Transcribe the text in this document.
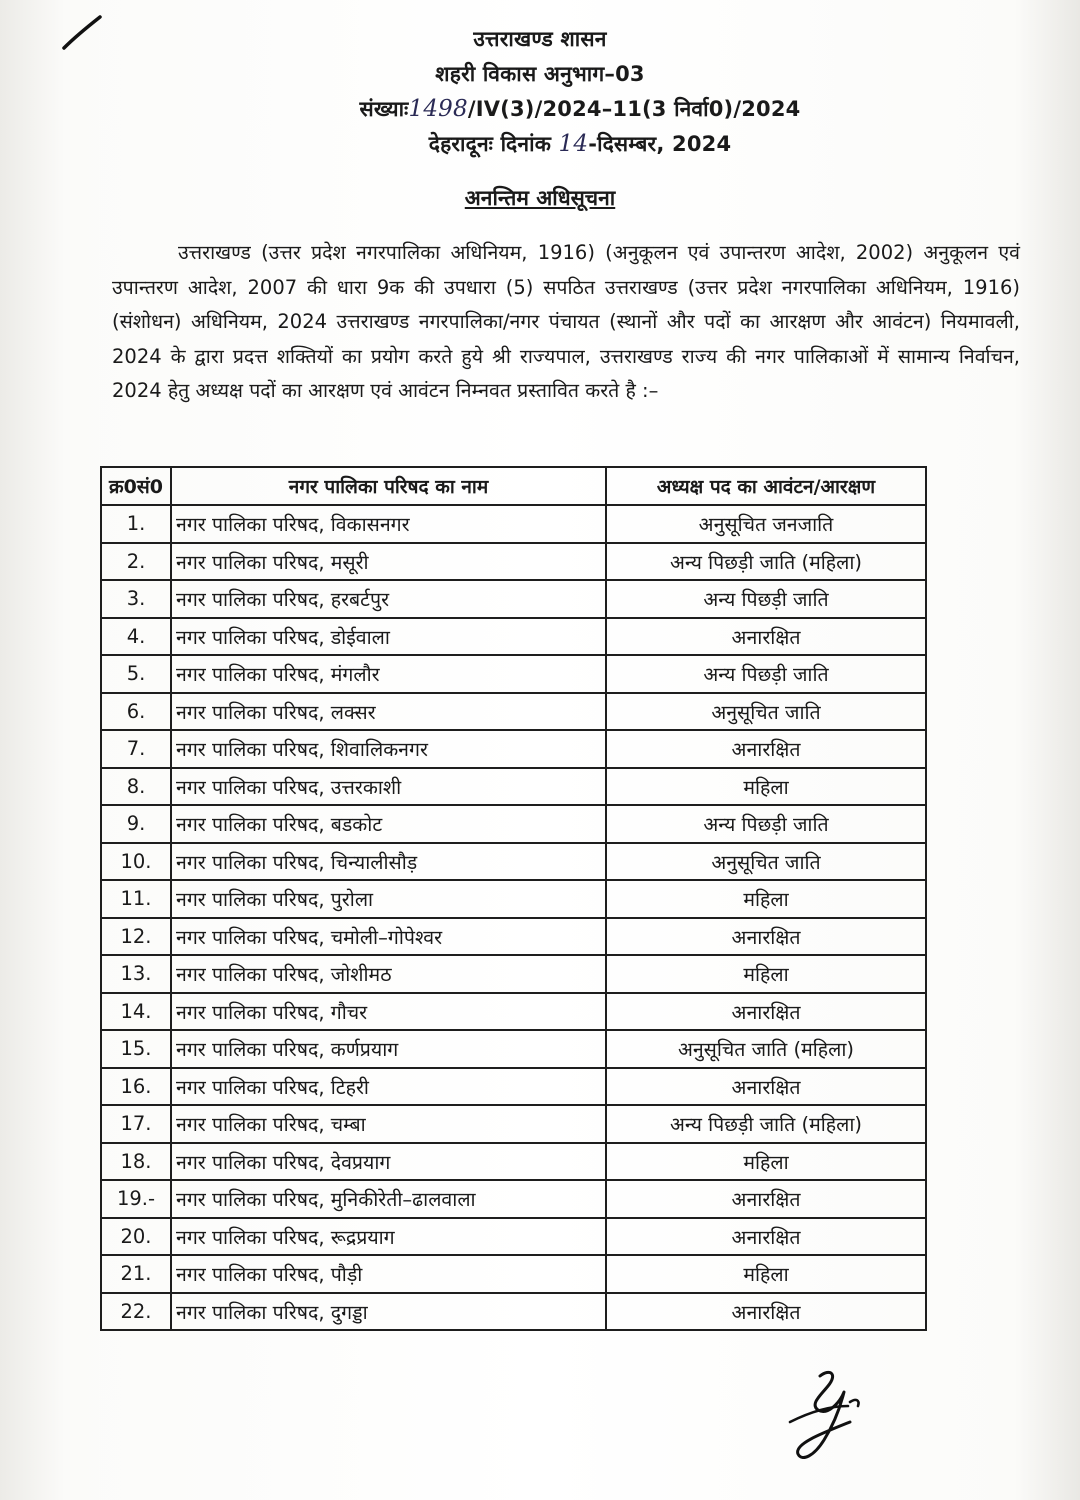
उत्तराखण्ड शासन
शहरी विकास अनुभाग–03
संख्याः1498/IV(3)/2024–11(3 निर्वा0)/2024
देहरादूनः दिनांक 14-दिसम्बर, 2024
अनन्तिम अधिसूचना
उत्तराखण्ड (उत्तर प्रदेश नगरपालिका अधिनियम, 1916) (अनुकूलन एवं उपान्तरण आदेश, 2002) अनुकूलन एवं उपान्तरण आदेश, 2007 की धारा 9क की उपधारा (5) सपठित उत्तराखण्ड (उत्तर प्रदेश नगरपालिका अधिनियम, 1916) (संशोधन) अधिनियम, 2024 उत्तराखण्ड नगरपालिका/नगर पंचायत (स्थानों और पदों का आरक्षण और आवंटन) नियमावली, 2024 के द्वारा प्रदत्त शक्तियों का प्रयोग करते हुये श्री राज्यपाल, उत्तराखण्ड राज्य की नगर पालिकाओं में सामान्य निर्वाचन, 2024 हेतु अध्यक्ष पदों का आरक्षण एवं आवंटन निम्नवत प्रस्तावित करते है :–
क्र0सं0	नगर पालिका परिषद का नाम	अध्यक्ष पद का आवंटन/आरक्षण
1.	नगर पालिका परिषद, विकासनगर	अनुसूचित जनजाति
2.	नगर पालिका परिषद, मसूरी	अन्य पिछड़ी जाति (महिला)
3.	नगर पालिका परिषद, हरबर्टपुर	अन्य पिछड़ी जाति
4.	नगर पालिका परिषद, डोईवाला	अनारक्षित
5.	नगर पालिका परिषद, मंगलौर	अन्य पिछड़ी जाति
6.	नगर पालिका परिषद, लक्सर	अनुसूचित जाति
7.	नगर पालिका परिषद, शिवालिकनगर	अनारक्षित
8.	नगर पालिका परिषद, उत्तरकाशी	महिला
9.	नगर पालिका परिषद, बडकोट	अन्य पिछड़ी जाति
10.	नगर पालिका परिषद, चिन्यालीसौड़	अनुसूचित जाति
11.	नगर पालिका परिषद, पुरोला	महिला
12.	नगर पालिका परिषद, चमोली–गोपेश्वर	अनारक्षित
13.	नगर पालिका परिषद, जोशीमठ	महिला
14.	नगर पालिका परिषद, गौचर	अनारक्षित
15.	नगर पालिका परिषद, कर्णप्रयाग	अनुसूचित जाति (महिला)
16.	नगर पालिका परिषद, टिहरी	अनारक्षित
17.	नगर पालिका परिषद, चम्बा	अन्य पिछड़ी जाति (महिला)
18.	नगर पालिका परिषद, देवप्रयाग	महिला
19.-	नगर पालिका परिषद, मुनिकीरेती–ढालवाला	अनारक्षित
20.	नगर पालिका परिषद, रूद्रप्रयाग	अनारक्षित
21.	नगर पालिका परिषद, पौड़ी	महिला
22.	नगर पालिका परिषद, दुगड्डा	अनारक्षित
